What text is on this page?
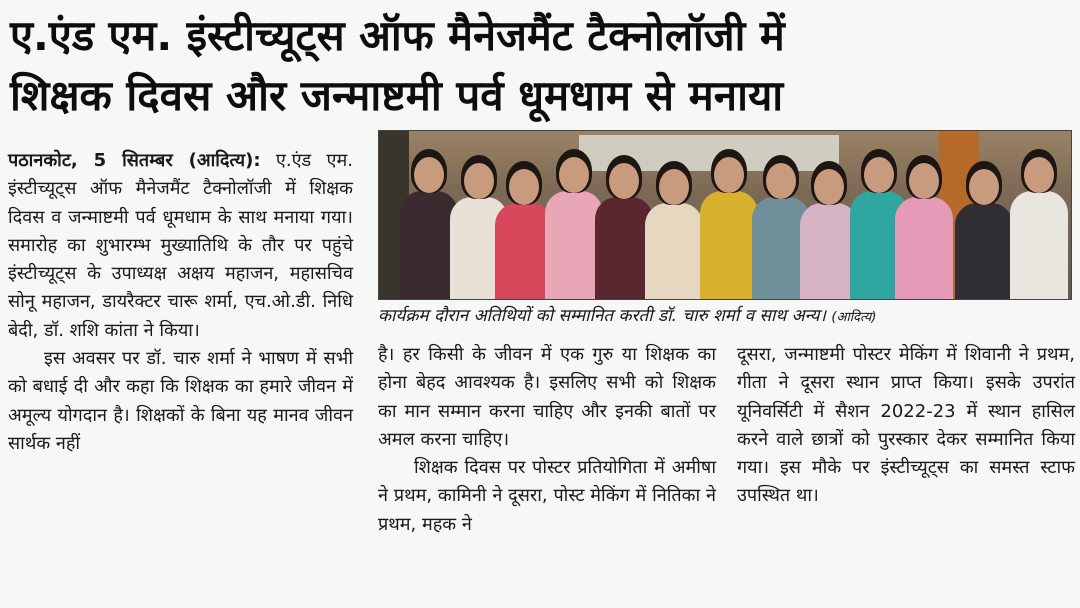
ए.एंड एम. इंस्टीच्यूट्स ऑफ मैनेजमैंट टैक्नोलॉजी में
शिक्षक दिवस और जन्माष्टमी पर्व धूमधाम से मनाया

पठानकोट, 5 सितम्बर (आदित्य): ए.एंड एम. इंस्टीच्यूट्स ऑफ मैनेजमैंट टैक्नोलॉजी में शिक्षक दिवस व जन्माष्टमी पर्व धूमधाम के साथ मनाया गया। समारोह का शुभारम्भ मुख्यातिथि के तौर पर पहुंचे इंस्टीच्यूट्स के उपाध्यक्ष अक्षय महाजन, महासचिव सोनू महाजन, डायरैक्टर चारू शर्मा, एच.ओ.डी. निधि बेदी, डॉ. शशि कांता ने किया।

इस अवसर पर डॉ. चारु शर्मा ने भाषण में सभी को बधाई दी और कहा कि शिक्षक का हमारे जीवन में अमूल्य योगदान है। शिक्षकों के बिना यह मानव जीवन सार्थक नहीं

कार्यक्रम दौरान अतिथियों को सम्मानित करती डॉ. चारु शर्मा व साथ अन्य। (आदित्य)

है। हर किसी के जीवन में एक गुरु या शिक्षक का होना बेहद आवश्यक है। इसलिए सभी को शिक्षक का मान सम्मान करना चाहिए और इनकी बातों पर अमल करना चाहिए।

शिक्षक दिवस पर पोस्टर प्रतियोगिता में अमीषा ने प्रथम, कामिनी ने दूसरा, पोस्ट मेकिंग में नितिका ने प्रथम, महक ने

दूसरा, जन्माष्टमी पोस्टर मेकिंग में शिवानी ने प्रथम, गीता ने दूसरा स्थान प्राप्त किया। इसके उपरांत यूनिवर्सिटी में सैशन 2022-23 में स्थान हासिल करने वाले छात्रों को पुरस्कार देकर सम्मानित किया गया। इस मौके पर इंस्टीच्यूट्स का समस्त स्टाफ उपस्थित था।
